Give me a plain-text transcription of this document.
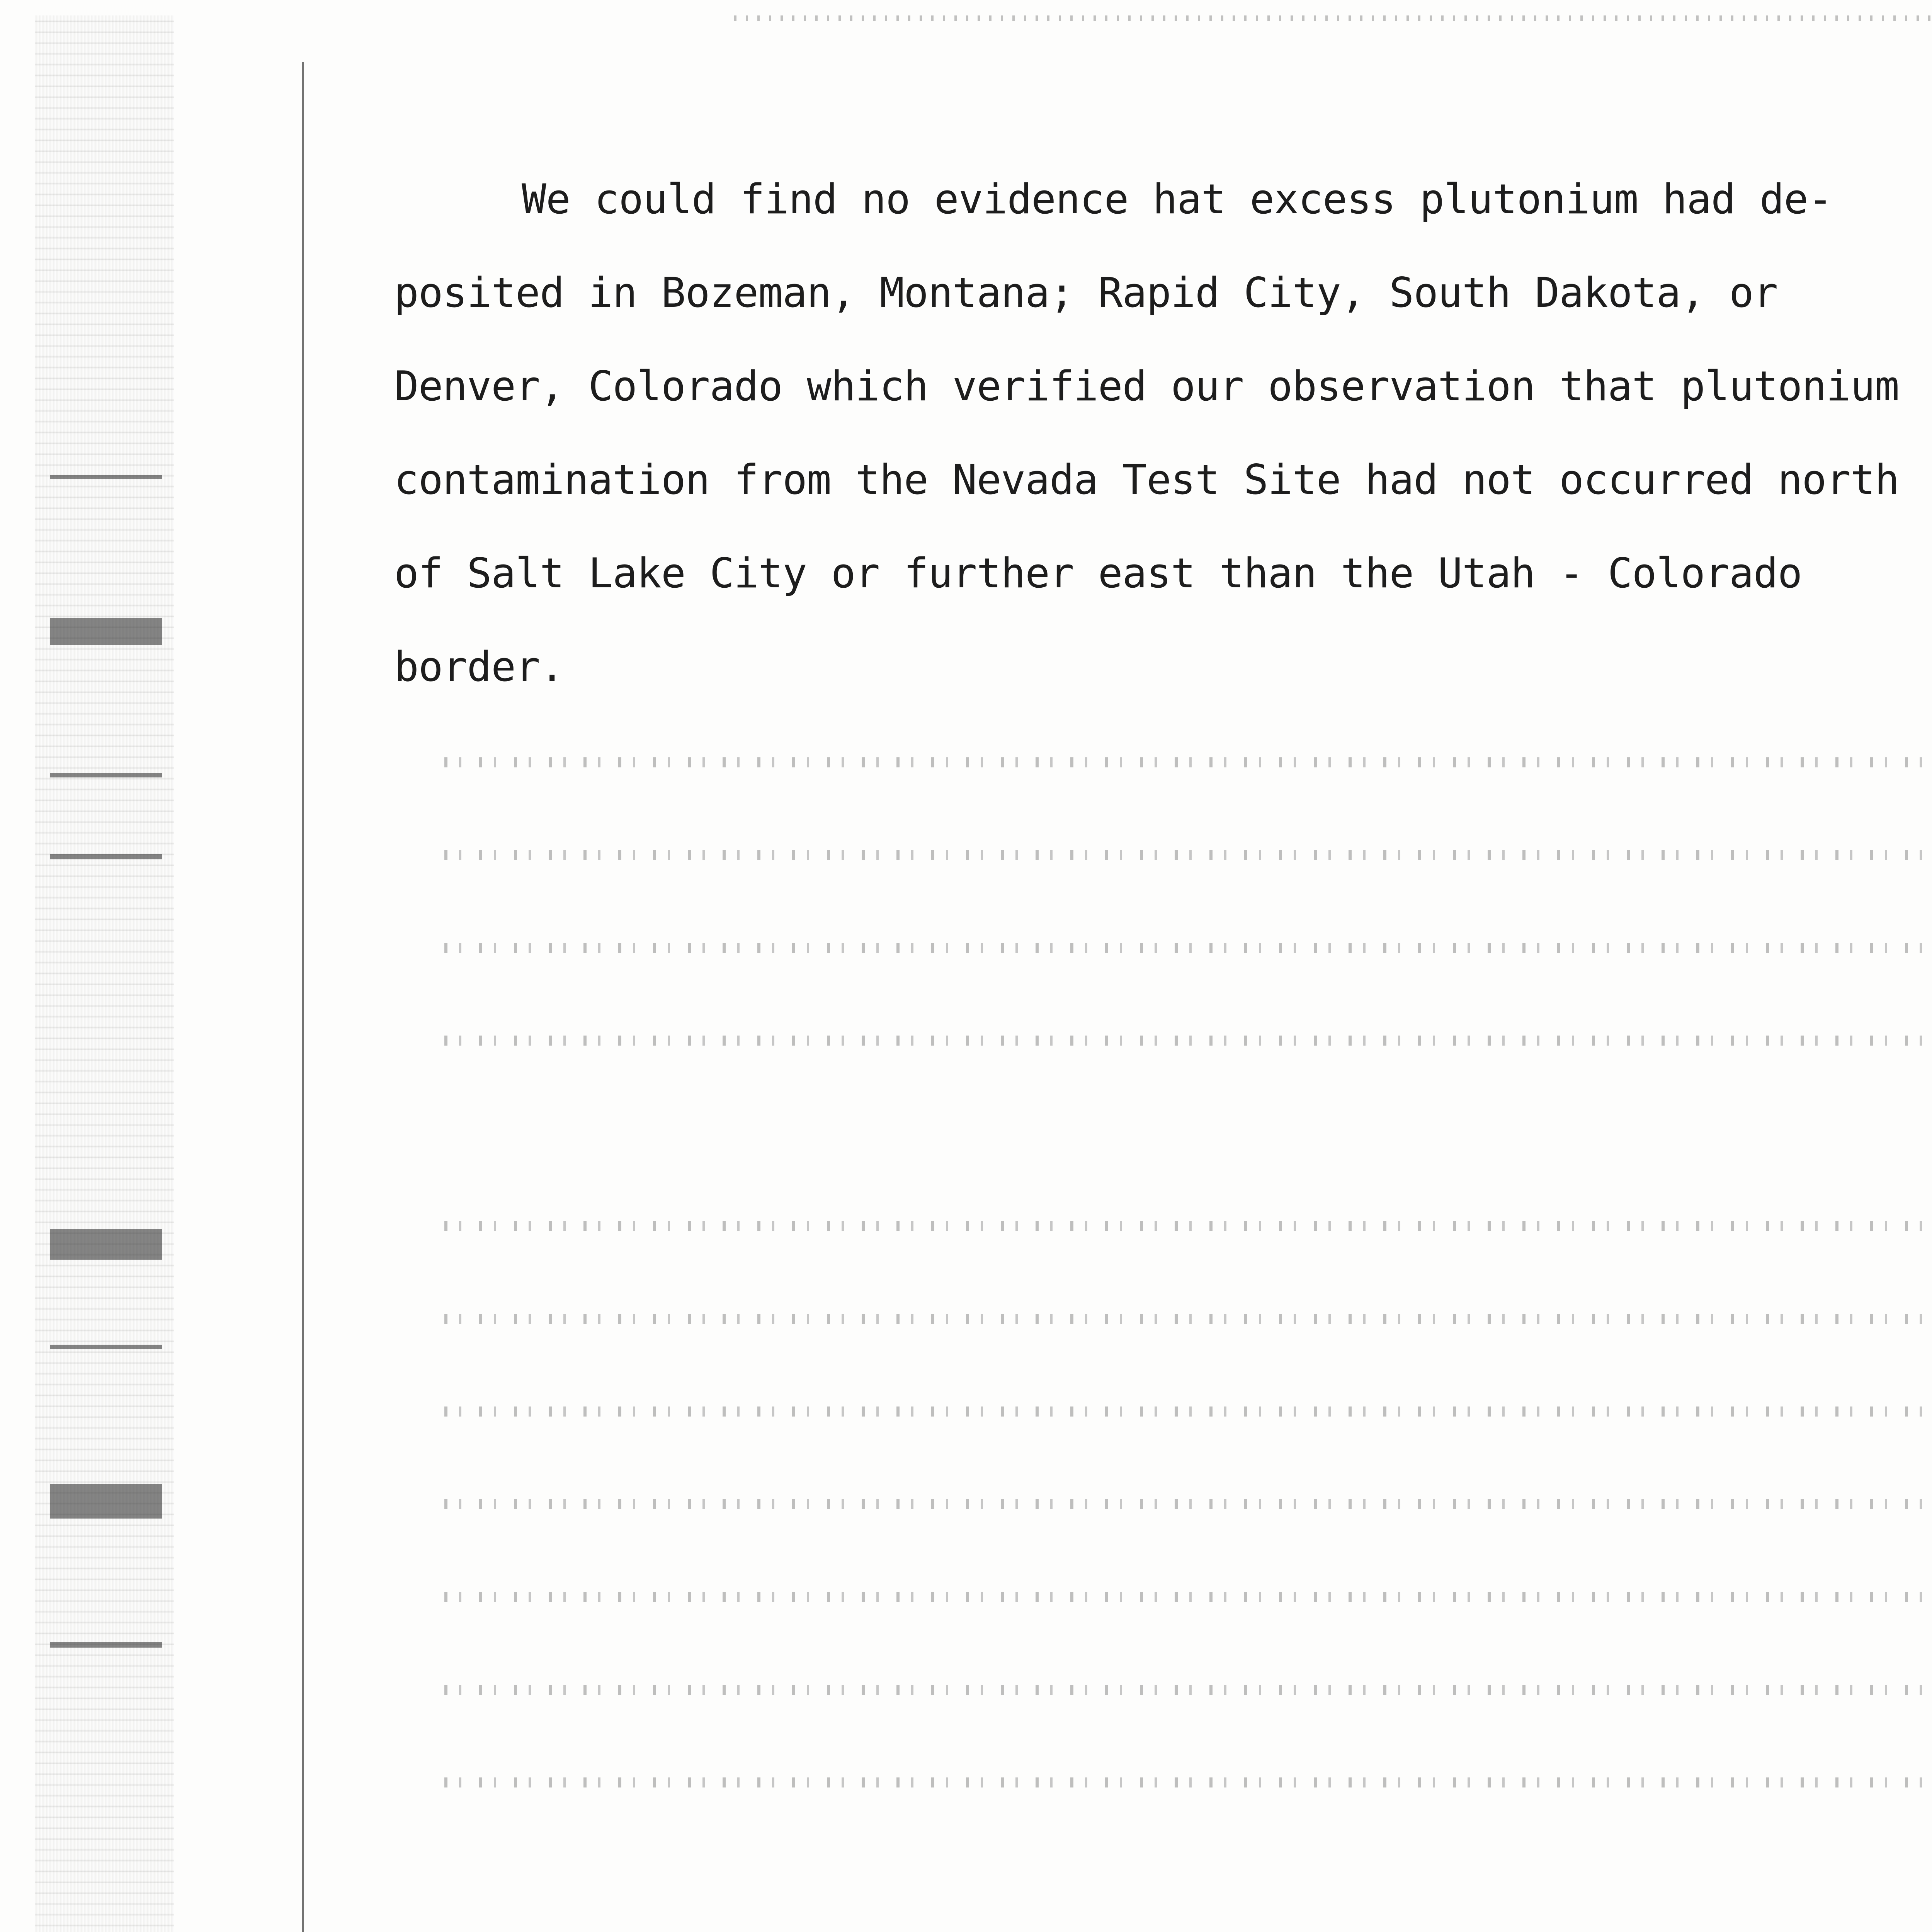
We could find no evidence hat excess plutonium had de-
posited in Bozeman, Montana; Rapid City, South Dakota, or
Denver, Colorado which verified our observation that plutonium
contamination from the Nevada Test Site had not occurred north
of Salt Lake City or further east than the Utah - Colorado
border.
